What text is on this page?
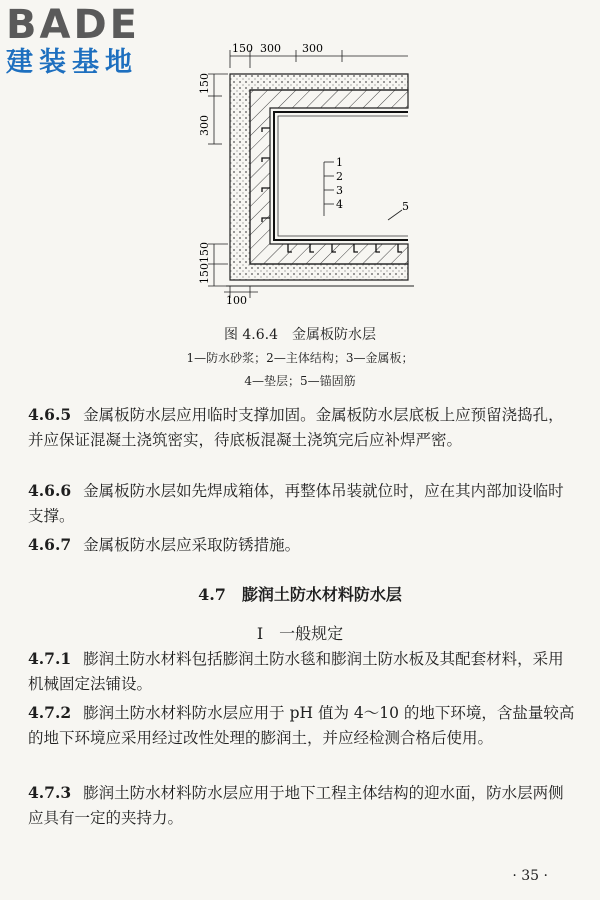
BADE
建装基地	150 300 300
150
300
150150
100
1
2
3
4	5
图 4.6.4　金属板防水层
1—防水砂浆；2—主体结构；3—金属板；
4—垫层；5—锚固筋
4.6.5 金属板防水层应用临时支撑加固。金属板防水层底板上应预留浇捣孔，并应保证混凝土浇筑密实，待底板混凝土浇筑完后应补焊严密。
4.6.6 金属板防水层如先焊成箱体，再整体吊装就位时，应在其内部加设临时支撑。
4.6.7 金属板防水层应采取防锈措施。
4.7　膨润土防水材料防水层
Ⅰ　一般规定
4.7.1 膨润土防水材料包括膨润土防水毯和膨润土防水板及其配套材料，采用机械固定法铺设。
4.7.2 膨润土防水材料防水层应用于 pH 值为 4～10 的地下环境，含盐量较高的地下环境应采用经过改性处理的膨润土，并应经检测合格后使用。
4.7.3 膨润土防水材料防水层应用于地下工程主体结构的迎水面，防水层两侧应具有一定的夹持力。
· 35 ·
